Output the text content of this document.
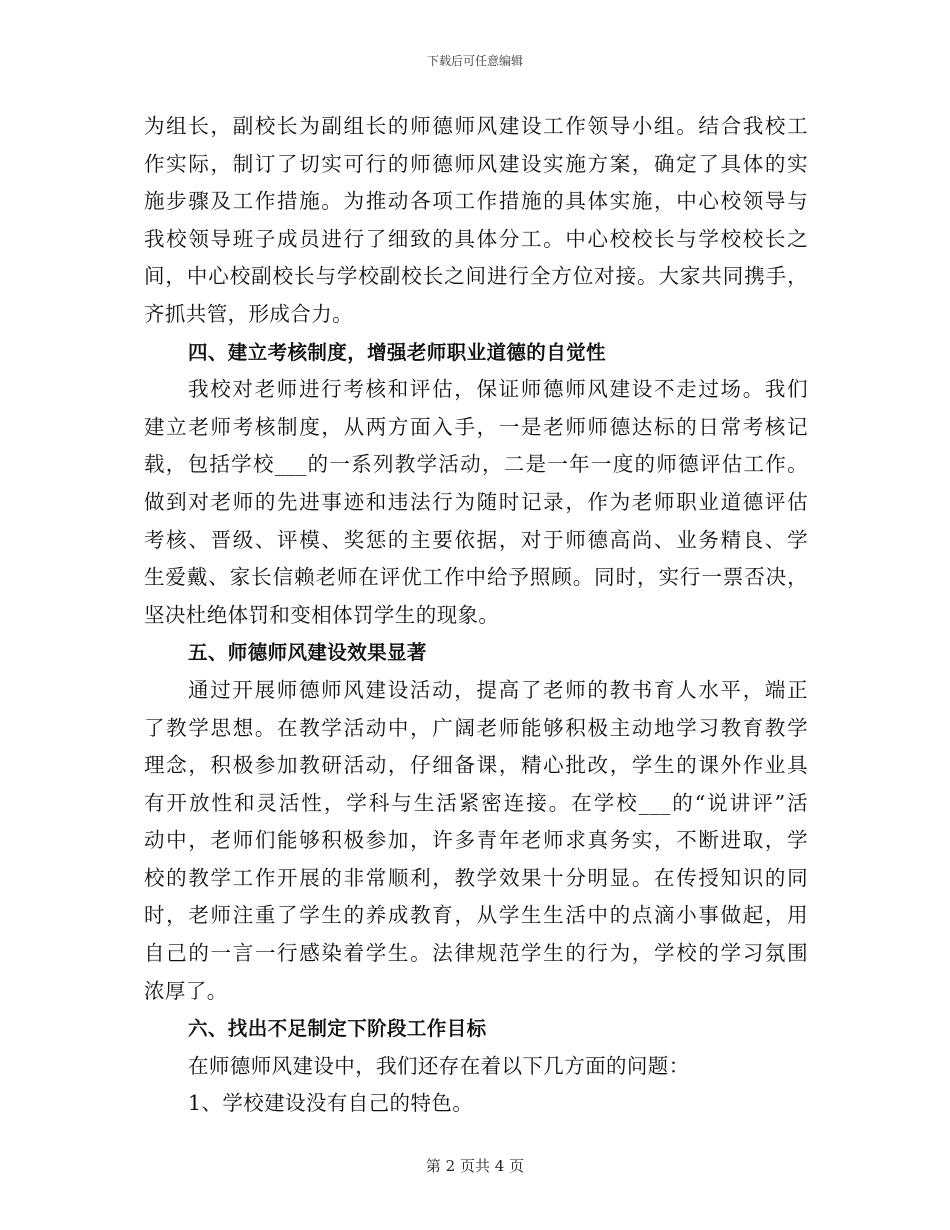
下载后可任意编辑
为组长，副校长为副组长的师德师风建设工作领导小组。结合我校工
作实际，制订了切实可行的师德师风建设实施方案，确定了具体的实
施步骤及工作措施。为推动各项工作措施的具体实施，中心校领导与
我校领导班子成员进行了细致的具体分工。中心校校长与学校校长之
间，中心校副校长与学校副校长之间进行全方位对接。大家共同携手，
齐抓共管，形成合力。
四、建立考核制度，增强老师职业道德的自觉性
我校对老师进行考核和评估，保证师德师风建设不走过场。我们
建立老师考核制度，从两方面入手，一是老师师德达标的日常考核记
载，包括学校___的一系列教学活动，二是一年一度的师德评估工作。
做到对老师的先进事迹和违法行为随时记录，作为老师职业道德评估
考核、晋级、评模、奖惩的主要依据，对于师德高尚、业务精良、学
生爱戴、家长信赖老师在评优工作中给予照顾。同时，实行一票否决，
坚决杜绝体罚和变相体罚学生的现象。
五、师德师风建设效果显著
通过开展师德师风建设活动，提高了老师的教书育人水平，端正
了教学思想。在教学活动中，广阔老师能够积极主动地学习教育教学
理念，积极参加教研活动，仔细备课，精心批改，学生的课外作业具
有开放性和灵活性，学科与生活紧密连接。在学校___的“说讲评”活
动中，老师们能够积极参加，许多青年老师求真务实，不断进取，学
校的教学工作开展的非常顺利，教学效果十分明显。在传授知识的同
时，老师注重了学生的养成教育，从学生生活中的点滴小事做起，用
自己的一言一行感染着学生。法律规范学生的行为，学校的学习氛围
浓厚了。
六、找出不足制定下阶段工作目标
在师德师风建设中，我们还存在着以下几方面的问题：
1、学校建设没有自己的特色。
第 2 页共 4 页
